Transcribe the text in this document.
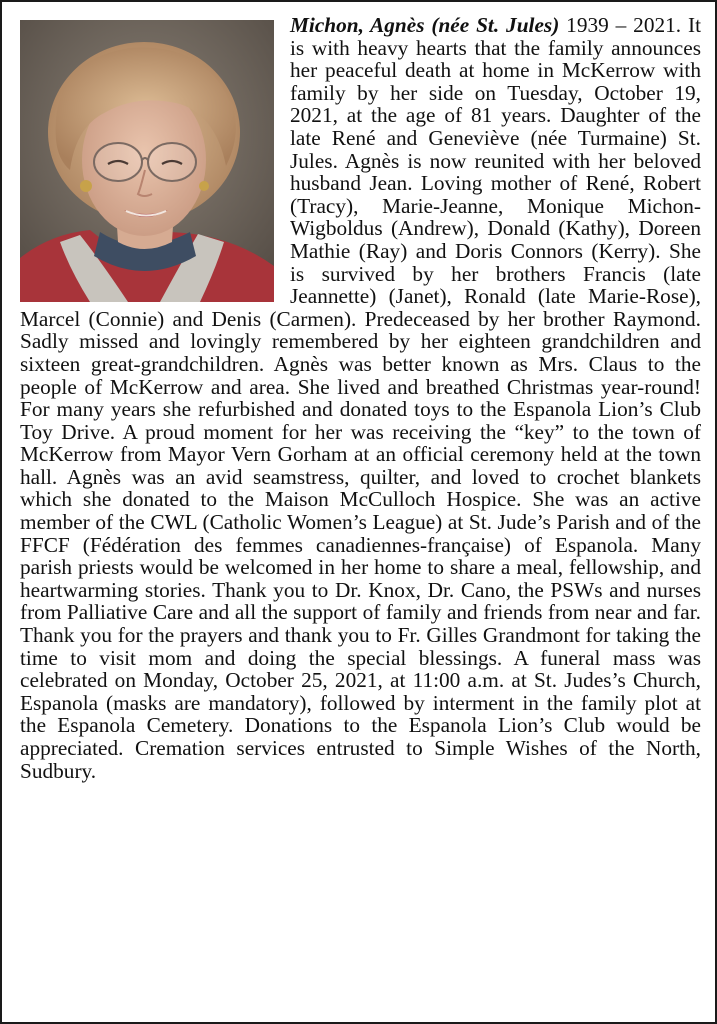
Michon, Agnès (née St. Jules) 1939 – 2021. It is with heavy hearts that the family announces her peaceful death at home in McKerrow with family by her side on Tuesday, October 19, 2021, at the age of 81 years. Daughter of the late René and Geneviève (née Turmaine) St. Jules. Agnès is now reunited with her beloved husband Jean. Loving mother of René, Robert (Tracy), Marie-Jeanne, Monique Michon-Wigboldus (Andrew), Donald (Kathy), Doreen Mathie (Ray) and Doris Connors (Kerry). She is survived by her brothers Francis (late Jeannette) (Janet), Ronald (late Marie-Rose), Marcel (Connie) and Denis (Carmen). Predeceased by her brother Raymond. Sadly missed and lovingly remembered by her eighteen grandchildren and sixteen great-grandchildren. Agnès was better known as Mrs. Claus to the people of McKerrow and area. She lived and breathed Christmas year-round! For many years she refurbished and donated toys to the Espanola Lion’s Club Toy Drive. A proud moment for her was receiving the “key” to the town of McKerrow from Mayor Vern Gorham at an official ceremony held at the town hall. Agnès was an avid seamstress, quilter, and loved to crochet blankets which she donated to the Maison McCulloch Hospice. She was an active member of the CWL (Catholic Women’s League) at St. Jude’s Parish and of the FFCF (Fédération des femmes canadiennes-française) of Espanola. Many parish priests would be welcomed in her home to share a meal, fellowship, and heartwarming stories. Thank you to Dr. Knox, Dr. Cano, the PSWs and nurses from Palliative Care and all the support of family and friends from near and far. Thank you for the prayers and thank you to Fr. Gilles Grandmont for taking the time to visit mom and doing the special blessings. A funeral mass was celebrated on Monday, October 25, 2021, at 11:00 a.m. at St. Judes’s Church, Espanola (masks are mandatory), followed by interment in the family plot at the Espanola Cemetery. Donations to the Espanola Lion’s Club would be appreciated. Cremation services entrusted to Simple Wishes of the North, Sudbury.
